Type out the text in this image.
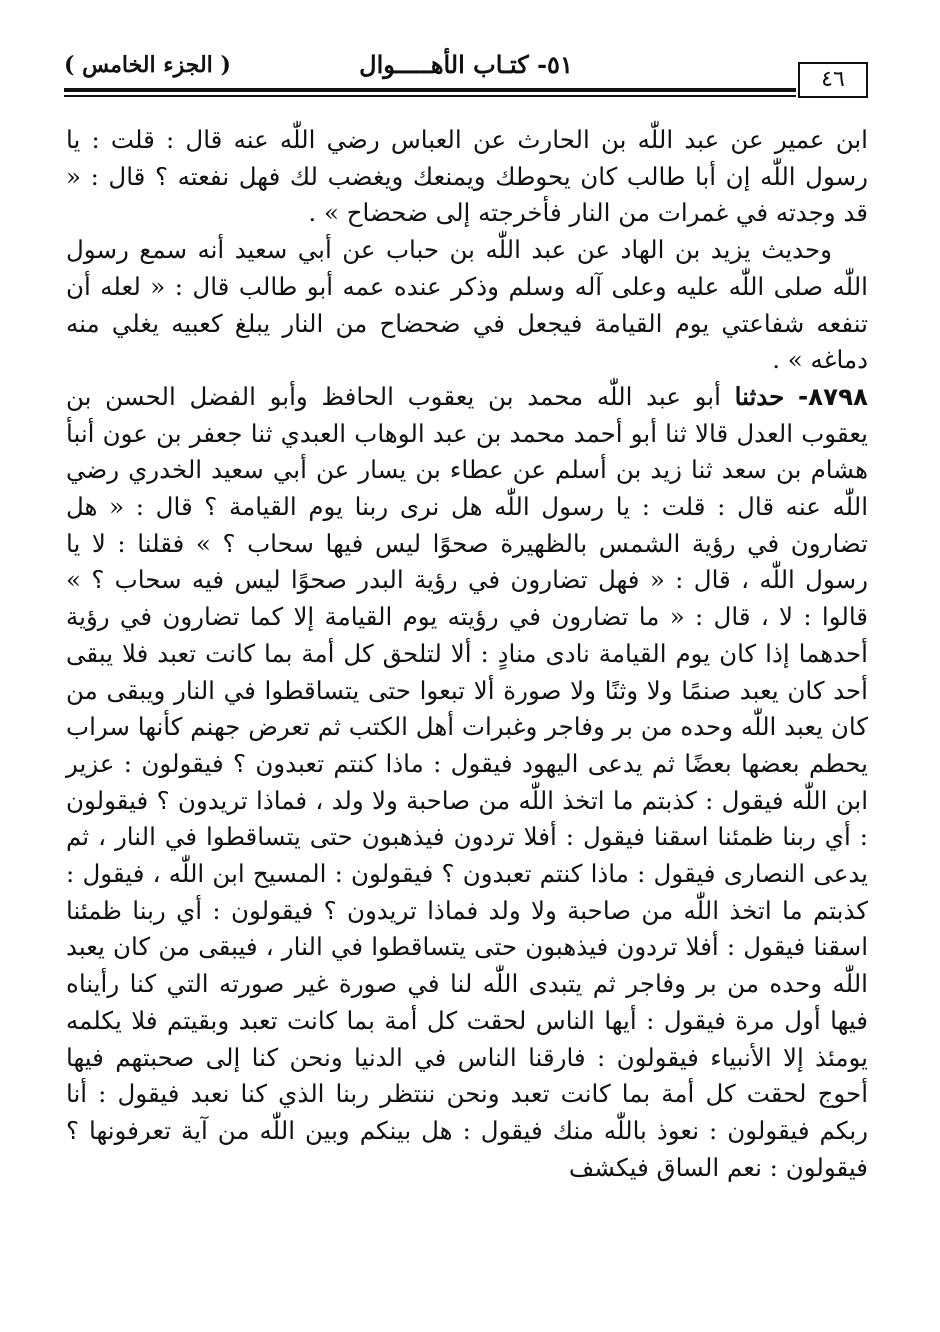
٤٦
٥١- كتـاب الأهـــــوال
( الجزء الخامس )

ابن عمير عن عبد اللّٰه بن الحارث عن العباس رضي اللّٰه عنه قال : قلت : يا رسول اللّٰه إن أبا طالب كان يحوطك ويمنعك ويغضب لك فهل نفعته ؟ قال : « قد وجدته في غمرات من النار فأخرجته إلى ضحضاح » .

وحديث يزيد بن الهاد عن عبد اللّٰه بن حباب عن أبي سعيد أنه سمع رسول اللّٰه صلى اللّٰه عليه وعلى آله وسلم وذكر عنده عمه أبو طالب قال : « لعله أن تنفعه شفاعتي يوم القيامة فيجعل في ضحضاح من النار يبلغ كعبيه يغلي منه دماغه » .

٨٧٩٨- حدثنا أبو عبد اللّٰه محمد بن يعقوب الحافظ وأبو الفضل الحسن بن يعقوب العدل قالا ثنا أبو أحمد محمد بن عبد الوهاب العبدي ثنا جعفر بن عون أنبأ هشام بن سعد ثنا زيد بن أسلم عن عطاء بن يسار عن أبي سعيد الخدري رضي اللّٰه عنه قال : قلت : يا رسول اللّٰه هل نرى ربنا يوم القيامة ؟ قال : « هل تضارون في رؤية الشمس بالظهيرة صحوًا ليس فيها سحاب ؟ » فقلنا : لا يا رسول اللّٰه ، قال : « فهل تضارون في رؤية البدر صحوًا ليس فيه سحاب ؟ » قالوا : لا ، قال : « ما تضارون في رؤيته يوم القيامة إلا كما تضارون في رؤية أحدهما إذا كان يوم القيامة نادى منادٍ : ألا لتلحق كل أمة بما كانت تعبد فلا يبقى أحد كان يعبد صنمًا ولا وثنًا ولا صورة ألا تبعوا حتى يتساقطوا في النار ويبقى من كان يعبد اللّٰه وحده من بر وفاجر وغبرات أهل الكتب ثم تعرض جهنم كأنها سراب يحطم بعضها بعضًا ثم يدعى اليهود فيقول : ماذا كنتم تعبدون ؟ فيقولون : عزير ابن اللّٰه فيقول : كذبتم ما اتخذ اللّٰه من صاحبة ولا ولد ، فماذا تريدون ؟ فيقولون : أي ربنا ظمئنا اسقنا فيقول : أفلا تردون فيذهبون حتى يتساقطوا في النار ، ثم يدعى النصارى فيقول : ماذا كنتم تعبدون ؟ فيقولون : المسيح ابن اللّٰه ، فيقول : كذبتم ما اتخذ اللّٰه من صاحبة ولا ولد فماذا تريدون ؟ فيقولون : أي ربنا ظمئنا اسقنا فيقول : أفلا تردون فيذهبون حتى يتساقطوا في النار ، فيبقى من كان يعبد اللّٰه وحده من بر وفاجر ثم يتبدى اللّٰه لنا في صورة غير صورته التي كنا رأيناه فيها أول مرة فيقول : أيها الناس لحقت كل أمة بما كانت تعبد وبقيتم فلا يكلمه يومئذ إلا الأنبياء فيقولون : فارقنا الناس في الدنيا ونحن كنا إلى صحبتهم فيها أحوج لحقت كل أمة بما كانت تعبد ونحن ننتظر ربنا الذي كنا نعبد فيقول : أنا ربكم فيقولون : نعوذ باللّٰه منك فيقول : هل بينكم وبين اللّٰه من آية تعرفونها ؟ فيقولون : نعم الساق فيكشف
